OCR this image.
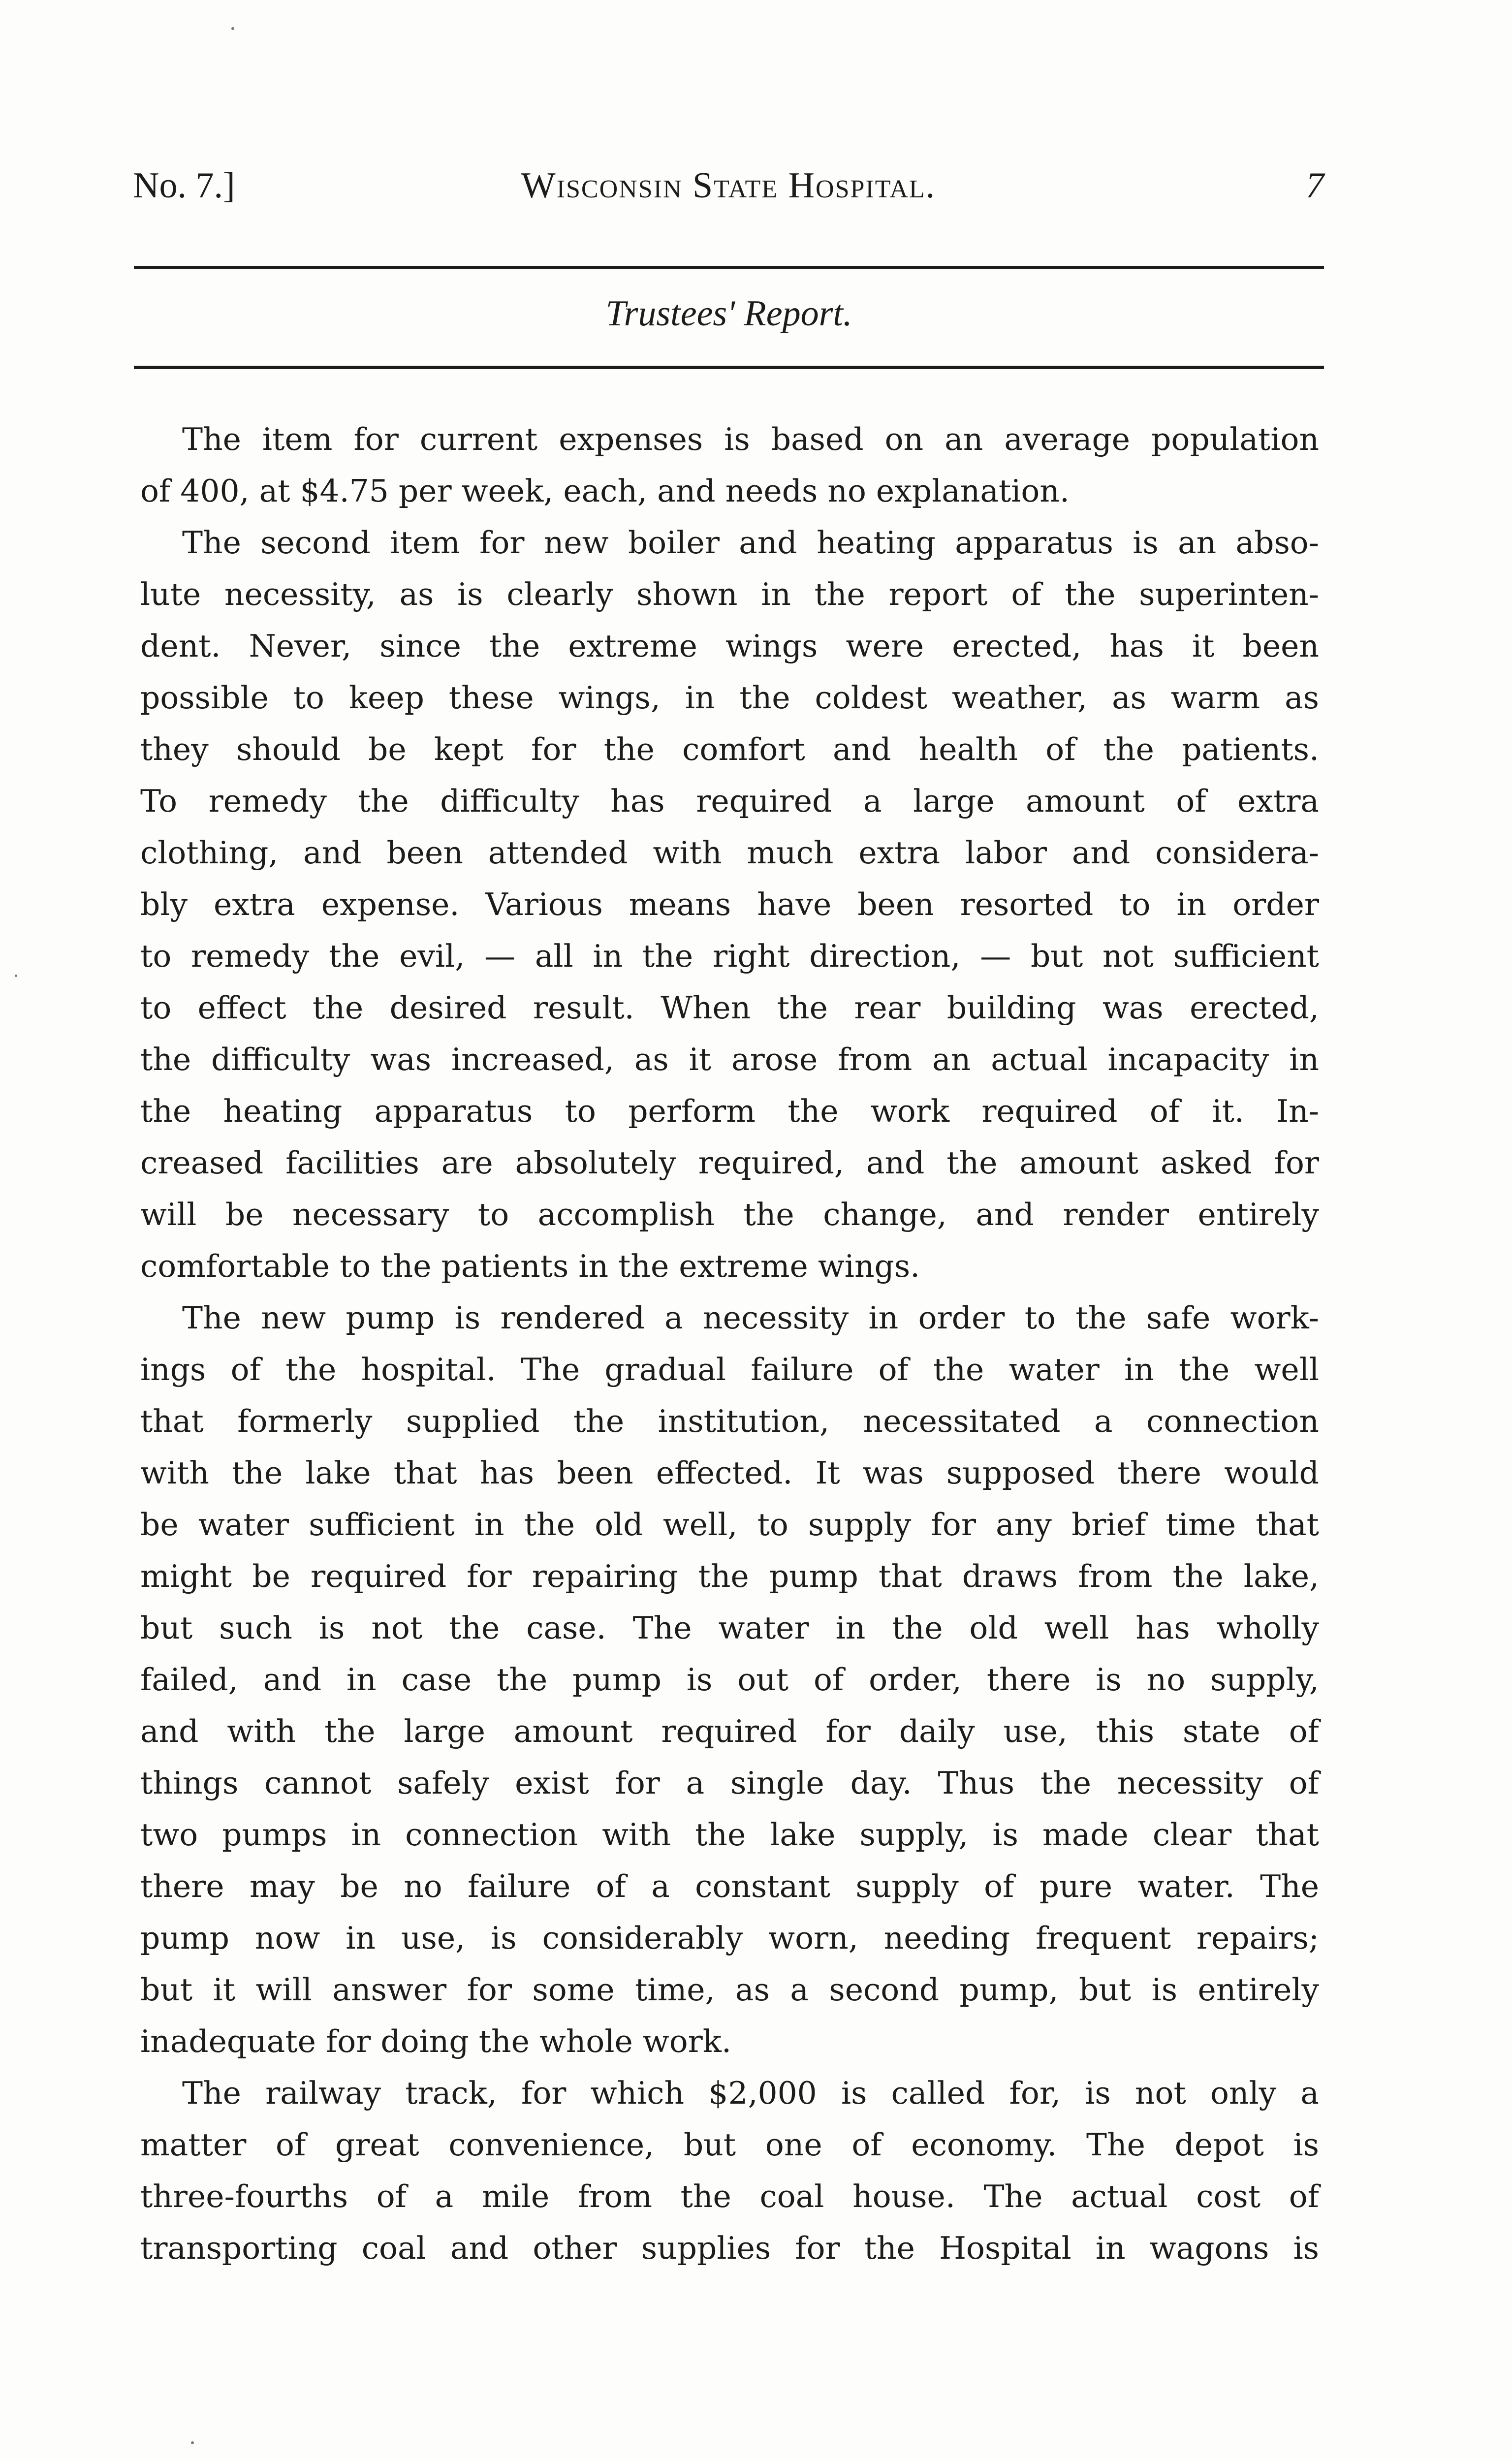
No. 7.]	Wisconsin State Hospital.	7
Trustees' Report.
The item for current expenses is based on an average population
of 400, at $4.75 per week, each, and needs no explanation.
The second item for new boiler and heating apparatus is an abso-
lute necessity, as is clearly shown in the report of the superinten-
dent. Never, since the extreme wings were erected, has it been
possible to keep these wings, in the coldest weather, as warm as
they should be kept for the comfort and health of the patients.
To remedy the difficulty has required a large amount of extra
clothing, and been attended with much extra labor and considera-
bly extra expense. Various means have been resorted to in order
to remedy the evil, — all in the right direction, — but not sufficient
to effect the desired result. When the rear building was erected,
the difficulty was increased, as it arose from an actual incapacity in
the heating apparatus to perform the work required of it. In-
creased facilities are absolutely required, and the amount asked for
will be necessary to accomplish the change, and render entirely
comfortable to the patients in the extreme wings.
The new pump is rendered a necessity in order to the safe work-
ings of the hospital. The gradual failure of the water in the well
that formerly supplied the institution, necessitated a connection
with the lake that has been effected. It was supposed there would
be water sufficient in the old well, to supply for any brief time that
might be required for repairing the pump that draws from the lake,
but such is not the case. The water in the old well has wholly
failed, and in case the pump is out of order, there is no supply,
and with the large amount required for daily use, this state of
things cannot safely exist for a single day. Thus the necessity of
two pumps in connection with the lake supply, is made clear that
there may be no failure of a constant supply of pure water. The
pump now in use, is considerably worn, needing frequent repairs;
but it will answer for some time, as a second pump, but is entirely
inadequate for doing the whole work.
The railway track, for which $2,000 is called for, is not only a
matter of great convenience, but one of economy. The depot is
three-fourths of a mile from the coal house. The actual cost of
transporting coal and other supplies for the Hospital in wagons is
